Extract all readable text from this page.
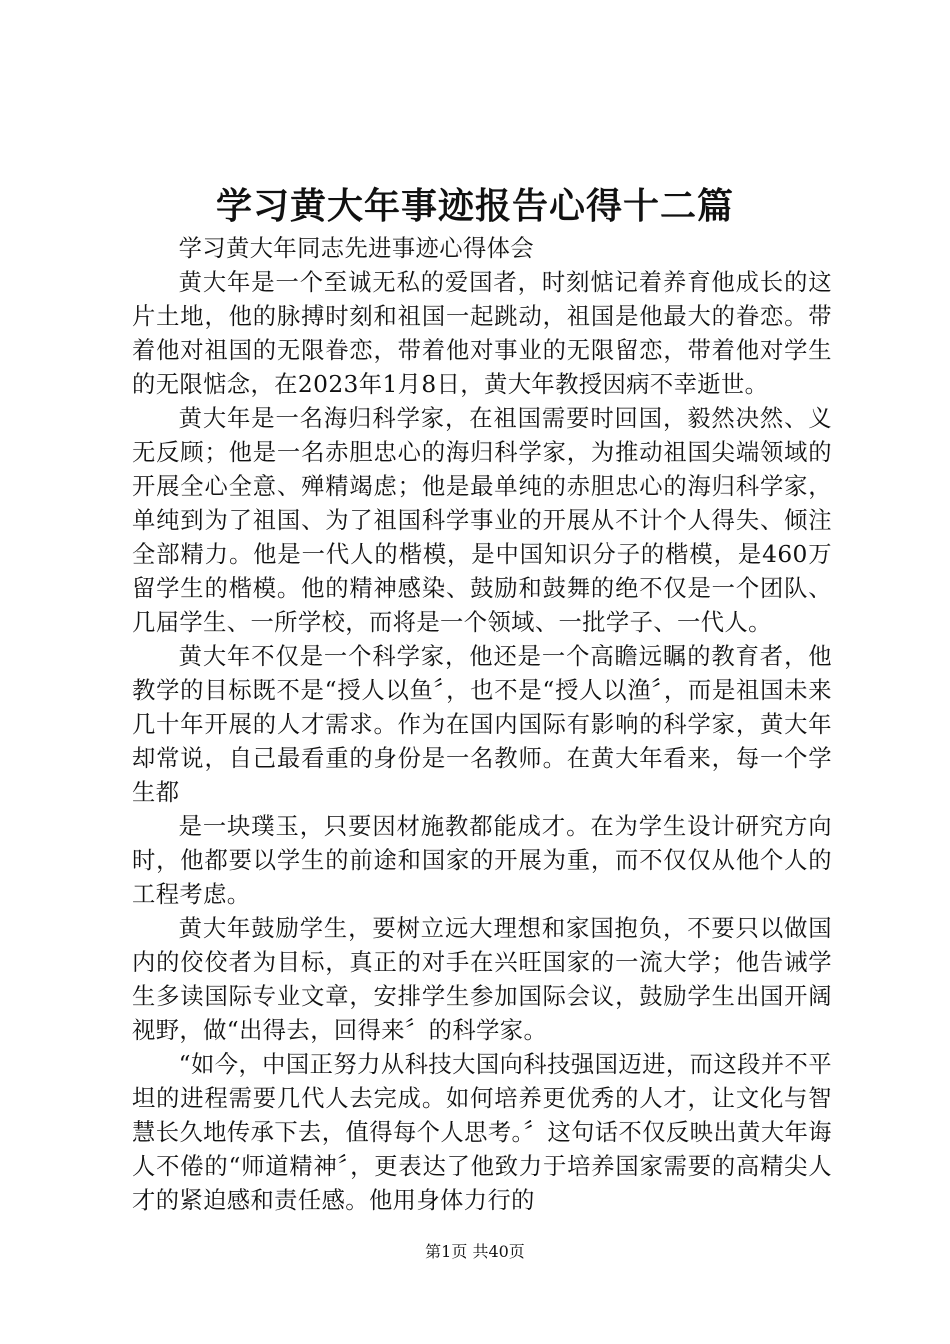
学习黄大年事迹报告心得十二篇

学习黄大年同志先进事迹心得体会

黄大年是一个至诚无私的爱国者，时刻惦记着养育他成长的这片土地，他的脉搏时刻和祖国一起跳动，祖国是他最大的眷恋。带着他对祖国的无限眷恋，带着他对事业的无限留恋，带着他对学生的无限惦念，在2023年1月8日，黄大年教授因病不幸逝世。

黄大年是一名海归科学家，在祖国需要时回国，毅然决然、义无反顾；他是一名赤胆忠心的海归科学家，为推动祖国尖端领域的开展全心全意、殚精竭虑；他是最单纯的赤胆忠心的海归科学家，单纯到为了祖国、为了祖国科学事业的开展从不计个人得失、倾注全部精力。他是一代人的楷模，是中国知识分子的楷模，是460万留学生的楷模。他的精神感染、鼓励和鼓舞的绝不仅是一个团队、几届学生、一所学校，而将是一个领域、一批学子、一代人。

黄大年不仅是一个科学家，他还是一个高瞻远瞩的教育者，他教学的目标既不是“授人以鱼〞，也不是“授人以渔〞，而是祖国未来几十年开展的人才需求。作为在国内国际有影响的科学家，黄大年却常说，自己最看重的身份是一名教师。在黄大年看来，每一个学生都

是一块璞玉，只要因材施教都能成才。在为学生设计研究方向时，他都要以学生的前途和国家的开展为重，而不仅仅从他个人的工程考虑。

黄大年鼓励学生，要树立远大理想和家国抱负，不要只以做国内的佼佼者为目标，真正的对手在兴旺国家的一流大学；他告诫学生多读国际专业文章，安排学生参加国际会议，鼓励学生出国开阔视野，做“出得去，回得来〞的科学家。

“如今，中国正努力从科技大国向科技强国迈进，而这段并不平坦的进程需要几代人去完成。如何培养更优秀的人才，让文化与智慧长久地传承下去，值得每个人思考。〞这句话不仅反映出黄大年诲人不倦的“师道精神〞，更表达了他致力于培养国家需要的高精尖人才的紧迫感和责任感。他用身体力行的

第1页 共40页
